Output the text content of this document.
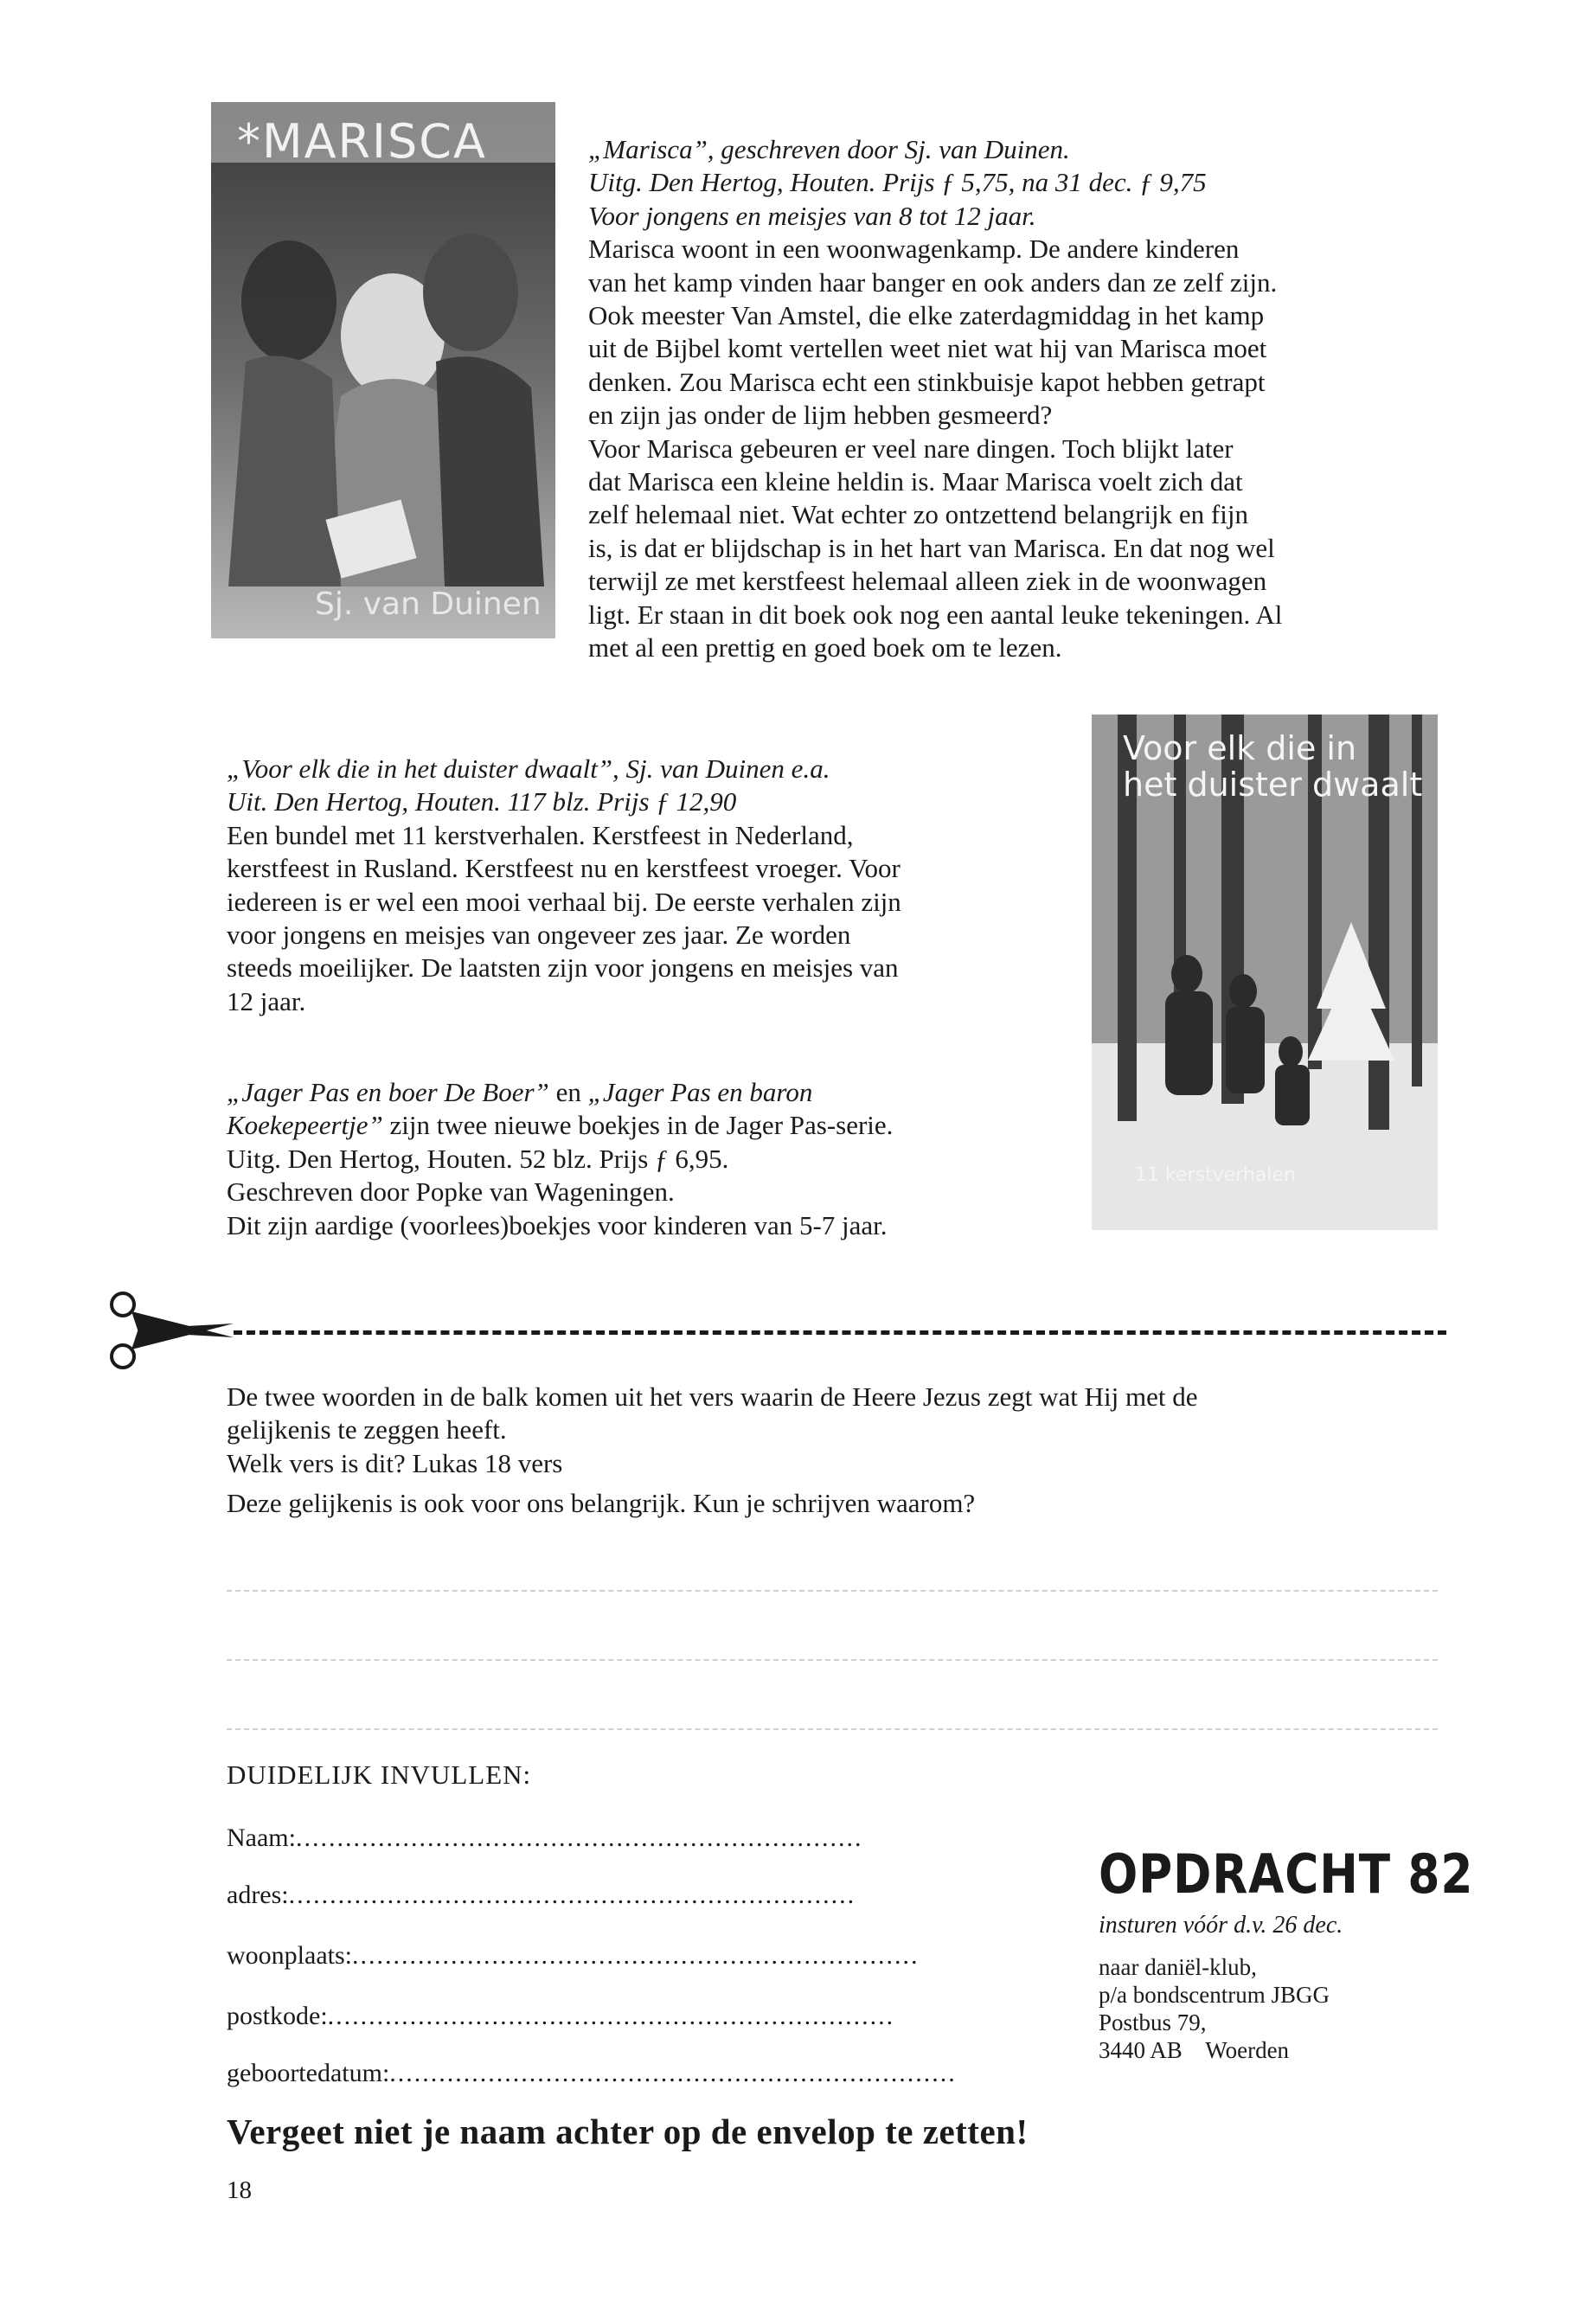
*MARISCA
Sj. van Duinen
„Marisca”, geschreven door Sj. van Duinen.
Uitg. Den Hertog, Houten. Prijs ƒ 5,75, na 31 dec. ƒ 9,75
Voor jongens en meisjes van 8 tot 12 jaar.
Marisca woont in een woonwagenkamp. De andere kinderen
van het kamp vinden haar banger en ook anders dan ze zelf zijn.
Ook meester Van Amstel, die elke zaterdagmiddag in het kamp
uit de Bijbel komt vertellen weet niet wat hij van Marisca moet
denken. Zou Marisca echt een stinkbuisje kapot hebben getrapt
en zijn jas onder de lijm hebben gesmeerd?
Voor Marisca gebeuren er veel nare dingen. Toch blijkt later
dat Marisca een kleine heldin is. Maar Marisca voelt zich dat
zelf helemaal niet. Wat echter zo ontzettend belangrijk en fijn
is, is dat er blijdschap is in het hart van Marisca. En dat nog wel
terwijl ze met kerstfeest helemaal alleen ziek in de woonwagen
ligt. Er staan in dit boek ook nog een aantal leuke tekeningen. Al
met al een prettig en goed boek om te lezen.
Voor elk die in
het duister dwaalt
11 kerstverhalen
„Voor elk die in het duister dwaalt”, Sj. van Duinen e.a.
Uit. Den Hertog, Houten. 117 blz. Prijs ƒ 12,90
Een bundel met 11 kerstverhalen. Kerstfeest in Nederland,
kerstfeest in Rusland. Kerstfeest nu en kerstfeest vroeger. Voor
iedereen is er wel een mooi verhaal bij. De eerste verhalen zijn
voor jongens en meisjes van ongeveer zes jaar. Ze worden
steeds moeilijker. De laatsten zijn voor jongens en meisjes van
12 jaar.
„Jager Pas en boer De Boer” en „Jager Pas en baron
Koekepeertje” zijn twee nieuwe boekjes in de Jager Pas-serie.
Uitg. Den Hertog, Houten. 52 blz. Prijs ƒ 6,95.
Geschreven door Popke van Wageningen.
Dit zijn aardige (voorlees)boekjes voor kinderen van 5-7 jaar.
De twee woorden in de balk komen uit het vers waarin de Heere Jezus zegt wat Hij met de
gelijkenis te zeggen heeft.
Welk vers is dit? Lukas 18 vers
Deze gelijkenis is ook voor ons belangrijk. Kun je schrijven waarom?
DUIDELIJK INVULLEN:
Naam:.....................................................................
adres:.....................................................................
woonplaats:.....................................................................
postkode:.....................................................................
geboortedatum:.....................................................................
OPDRACHT 82
insturen vóór d.v. 26 dec.
naar daniël-klub,
p/a bondscentrum JBGG
Postbus 79,
3440 AB    Woerden
Vergeet niet je naam achter op de envelop te zetten!
18
